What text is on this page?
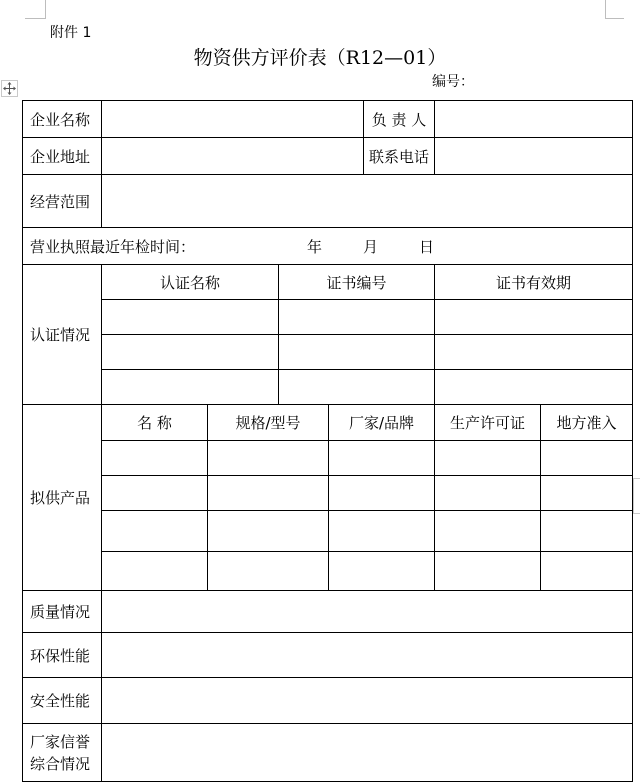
附件 1
物资供方评价表（R12—01）
编号：
企业名称					负 责 人		
企业地址					联系电话		
经营范围							
营业执照最近年检时间： 年 月 日							
认证情况	认证名称		证书编号			证书有效期	

拟供产品	名 称	规格/型号		厂家/品牌		生产许可证	地方准入

质量情况							
环保性能							
安全性能							

厂家信誉
综合情况							
